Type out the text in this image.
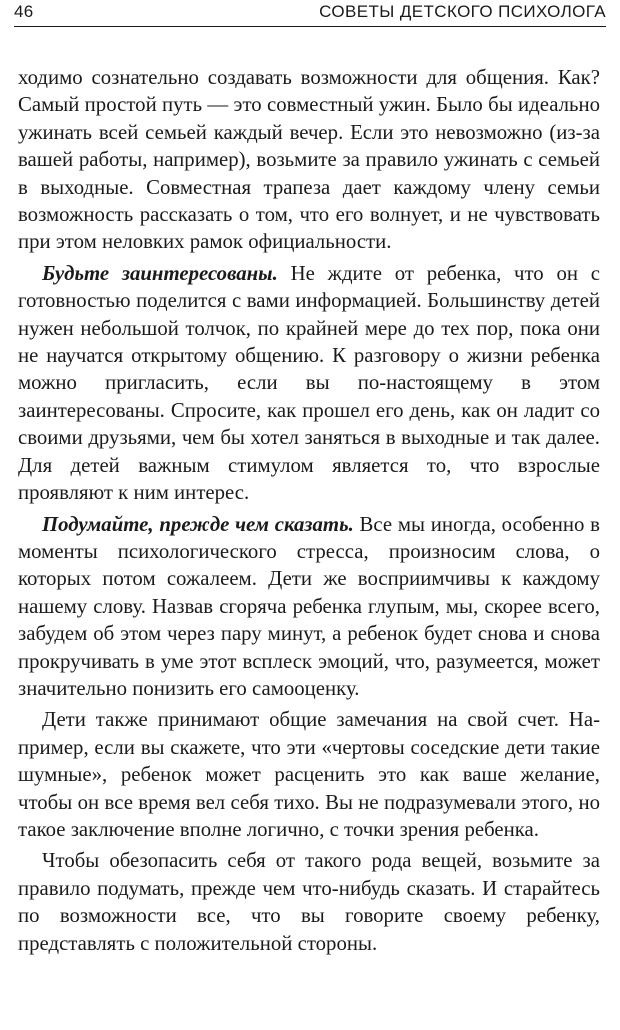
46	СОВЕТЫ ДЕТСКОГО ПСИХОЛОГА

ходимо сознательно создавать возможности для общения. Как? Самый простой путь — это совместный ужин. Было бы идеально ужинать всей семьей каждый вечер. Если это невозможно (из-за вашей работы, например), возьмите за правило ужинать с семьей в выходные. Совместная трапеза дает каждому члену семьи возможность рассказать о том, что его волнует, и не чувствовать при этом неловких рамок официальности.

Будьте заинтересованы. Не ждите от ребенка, что он с готовностью поделится с вами информацией. Большинству детей нужен небольшой толчок, по крайней мере до тех пор, пока они не научатся открытому общению. К разговору о жизни ребенка можно пригласить, если вы по-настоящему в этом заинтересованы. Спросите, как прошел его день, как он ладит со своими друзьями, чем бы хотел заняться в выходные и так далее. Для детей важным стимулом является то, что взрослые проявляют к ним интерес.

Подумайте, прежде чем сказать. Все мы иногда, особенно в моменты психологического стресса, произносим слова, о которых потом сожалеем. Дети же восприимчивы к каждому нашему слову. Назвав сгоряча ребенка глупым, мы, скорее всего, забудем об этом через пару минут, а ребенок будет снова и снова прокручивать в уме этот всплеск эмоций, что, разумеется, может значительно понизить его самооценку.

Дети также принимают общие замечания на свой счет. Например, если вы скажете, что эти «чертовы соседские дети такие шумные», ребенок может расценить это как ваше желание, чтобы он все время вел себя тихо. Вы не подразумевали этого, но такое заключение вполне логично, с точки зрения ребенка.

Чтобы обезопасить себя от такого рода вещей, возьмите за правило подумать, прежде чем что-нибудь сказать. И старайтесь по возможности все, что вы говорите своему ребенку, представлять с положительной стороны.
